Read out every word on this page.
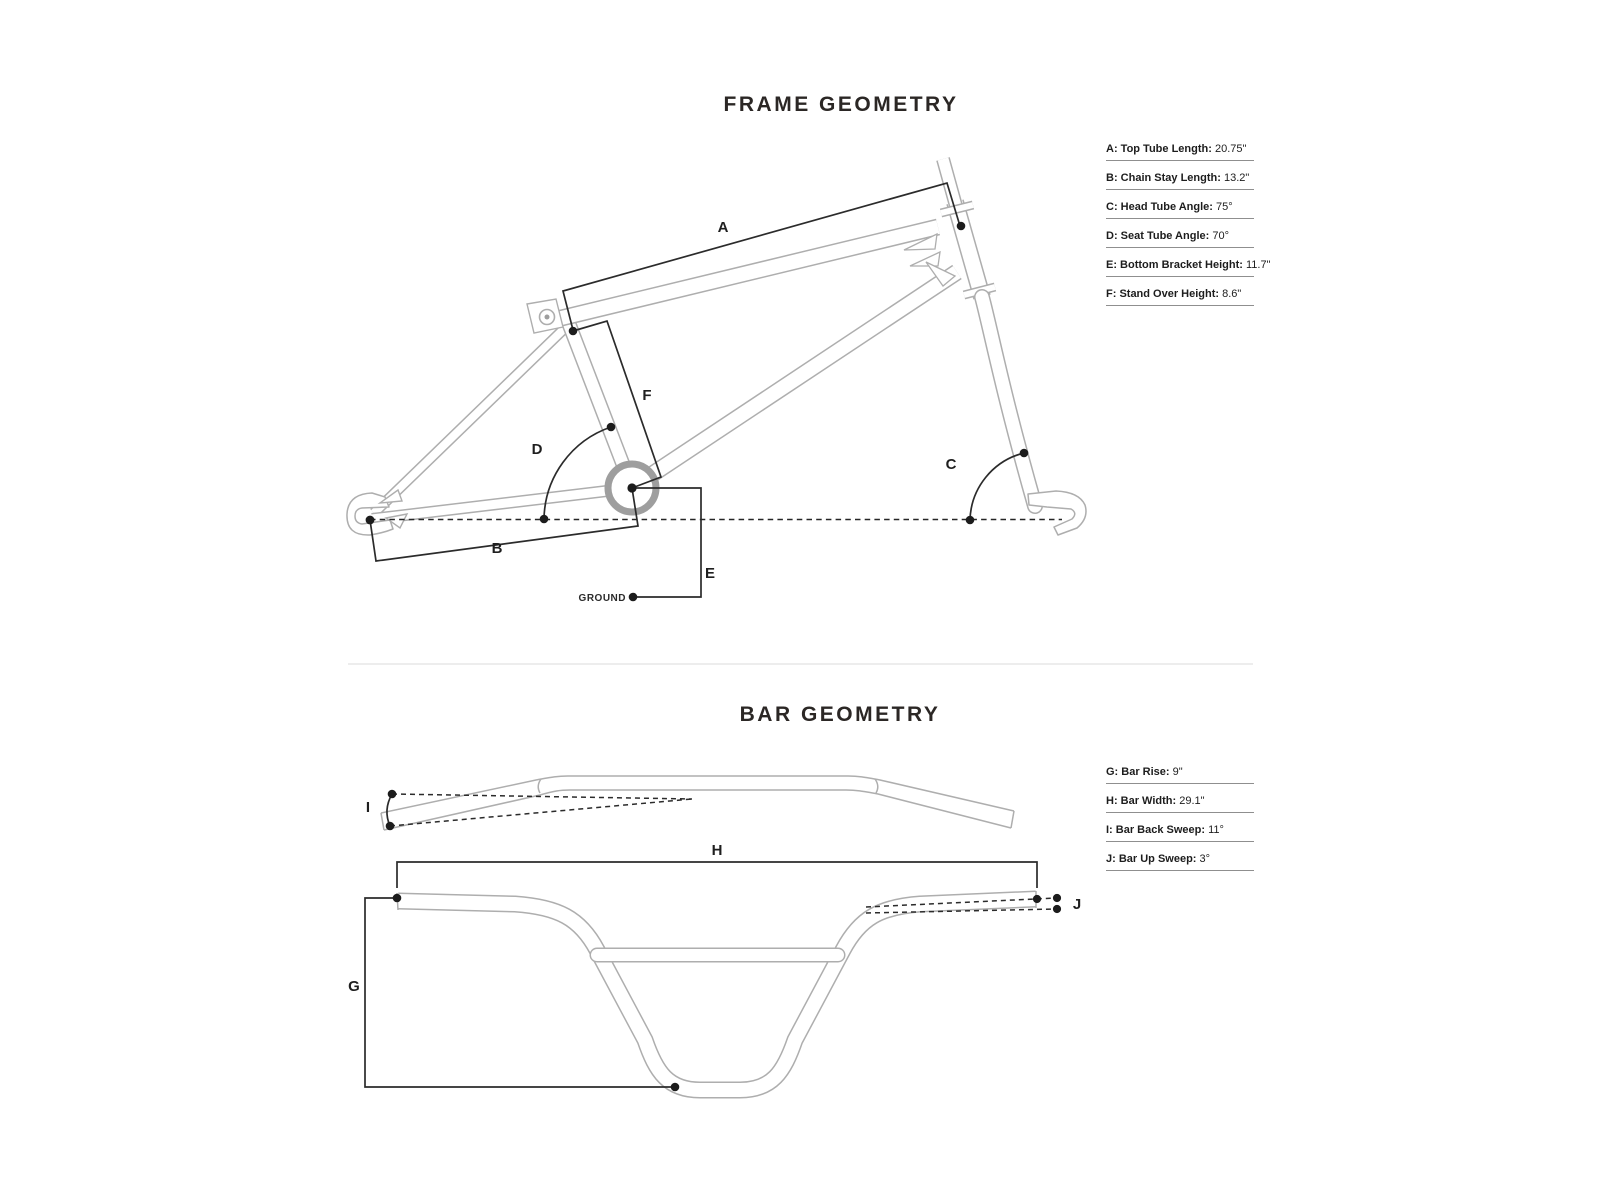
FRAME GEOMETRY
A
B
C
D
E
F
GROUND
A: Top Tube Length: 20.75"
B: Chain Stay Length: 13.2"
C: Head Tube Angle: 75°
D: Seat Tube Angle: 70°
E: Bottom Bracket Height: 11.7"
F: Stand Over Height: 8.6"
BAR GEOMETRY
H
G
I
J
G: Bar Rise: 9"
H: Bar Width: 29.1"
I: Bar Back Sweep: 11°
J: Bar Up Sweep: 3°
